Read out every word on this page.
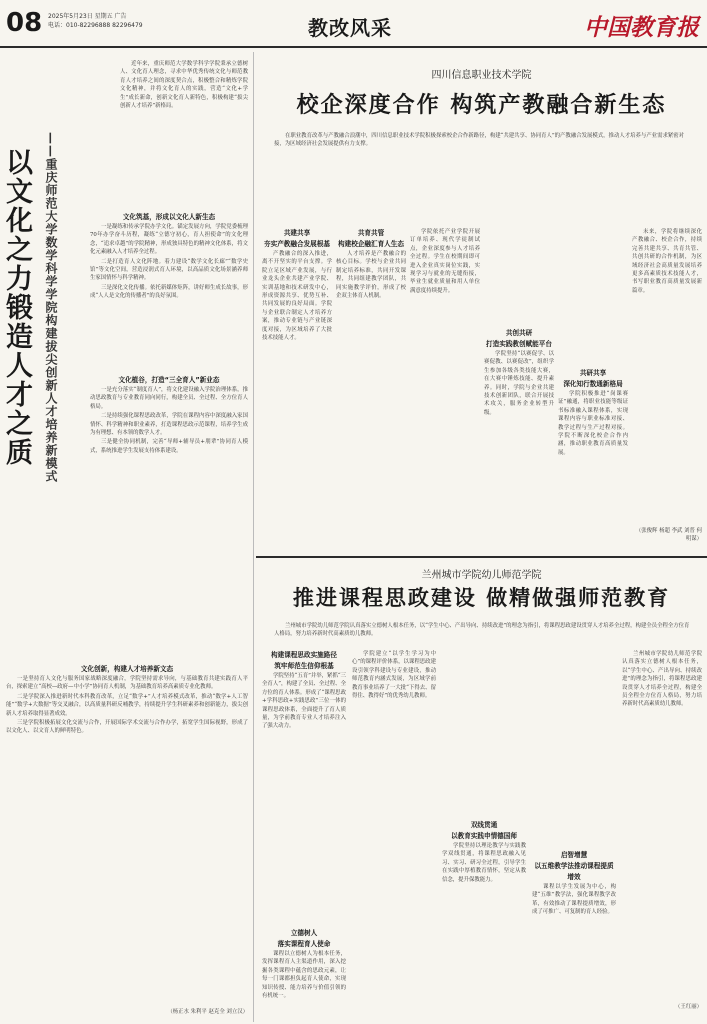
08 2025年5月23日 星期五 广告
电话：010-82296888 82296479	教改风采	中国教育报
以文化之力锻造人才之质	——重庆师范大学数学科学学院构建拔尖创新人才培养新模式

近年来，重庆师范大学数学科学学院秉承立德树人、文化育人理念，寻求中华优秀传统文化与师范教育人才培养之间的深度契合点，积极整合和精炼学院文化精神，并将文化育人的实践，营造“文化+学生”成长新命，创新文化育人新特色，积极构建“拔尖创新人才培养”新格局。

文化筑基，形成以文化人新生态

一是凝练和传承学院办学文化。锚定发展方向，学院党委梳理70年办学奋斗历程，凝练“立德守初心，育人担使命”的文化理念，“追求卓越”的学院精神，形成独具特色的精神文化体系，将文化元素融入人才培养全过程。

二是打造育人文化阵地。着力建设“数学文化长廊”“数学史馆”等文化空间，营造浸润式育人环境，以高品质文化场景涵养师生家国情怀与科学精神。

三是深化文化传播。依托新媒体矩阵，讲好师生成长故事，形成“人人是文化的传播者”的良好氛围。

文化植谷，打造“三全育人”新业态

一是充分落实“制度育人”，将文化建设融入学院治理体系，推动思政教育与专业教育同向同行，构建全员、全过程、全方位育人格局。

二是持续强化课程思政改革，学院在课程内容中深度融入家国情怀、科学精神和职业素养，打造课程思政示范课程，培养学生成为有理想、有本领的数学人才。

三是健全协同机制，完善“导师+辅导员+朋辈”协同育人模式，系统推进学生发展支持体系建设。

文化创新，构建人才培养新文态

一是坚持育人文化与服务国家战略深度融合，学院坚持需求导向，与基础教育共建实践育人平台，探索建立“高校—政府—中小学”协同育人机制，为基础教育培养高素质专业化教师。

二是学院深入推进新时代本科教育改革，立足“数学+”人才培养模式改革，推动“数学+人工智能”“数学+大数据”等交叉融合，以高质量科研反哺教学，持续提升学生科研素养和创新能力，拔尖创新人才培养取得显著成效。

三是学院积极拓展文化交流与合作，开展国际学术交流与合作办学，拓宽学生国际视野，形成了以文化人、以文育人的鲜明特色。

（杨正水 朱利平 赵克全 刘立汉）
四川信息职业技术学院
校企深度合作 构筑产教融合新生态
在职业教育改革与产教融合浪潮中，四川信息职业技术学院积极探索校企合作新路径，构建“共建共享、协同育人”的产教融合发展模式，推动人才培养与产业需求紧密对接，为区域经济社会发展提供有力支撑。
共建共享
夯实产教融合发展根基
产教融合的深入推进，离不开坚实的平台支撑。学院立足区域产业发展，与行业龙头企业共建产业学院、实训基地和技术研发中心，形成资源共享、优势互补、共同发展的良好局面。学院与企业联合制定人才培养方案，推动专业链与产业链深度对接，为区域培养了大批技术技能人才。
共育共管
构建校企融汇育人生态
人才培养是产教融合的核心目标。学校与企业共同制定培养标准，共同开发课程，共同组建教学团队，共同实施教学评价，形成了校企双主体育人机制。
学院依托产业学院开展订单培养、现代学徒制试点，企业深度参与人才培养全过程。学生在校期间即可进入企业真实岗位实践，实现学习与就业的无缝衔接，毕业生就业质量和用人单位满意度持续提升。
共创共研
打造实践教创赋能平台
学院坚持“以赛促学、以赛促教、以赛促改”，组织学生参加各级各类技能大赛，在大赛中锤炼技能、提升素养。同时，学院与企业共建技术创新团队，联合开展技术攻关，服务企业转型升级。
共研共享
深化知行数通新格局
学院积极推进“岗课赛证”融通，将职业技能等级证书标准融入课程体系，实现课程内容与职业标准对接、教学过程与生产过程对接。学院不断深化校企合作内涵，推动职业教育高质量发展。
未来，学院将继续深化产教融合、校企合作，持续完善共建共享、共育共管、共创共研的合作机制，为区域经济社会高质量发展培养更多高素质技术技能人才，书写职业教育高质量发展新篇章。
（张俊辉 杨超 李武 刘普 何明谋）
兰州城市学院幼儿师范学院
推进课程思政建设 做精做强师范教育
兰州城市学院幼儿师范学院认真落实立德树人根本任务，以“学生中心、产出导向、持续改进”的理念为指引，将课程思政建设贯穿人才培养全过程，构建全员全程全方位育人格局，努力培养新时代高素质幼儿教师。
构建课程思政实施路径
筑牢师范生信仰根基
学院坚持“五育”并举，紧抓“三全育人”，构建了全员、全过程、全方位的育人体系。形成了“课程思政+学科思政+实践思政”三位一体的课程思政体系，全面提升了育人质量，为学前教育专业人才培养注入了强大动力。
立德树人
落实课程育人使命
课程以立德树人为根本任务，发挥课程育人主渠道作用，深入挖掘各类课程中蕴含的思政元素，让每一门课都担负起育人使命，实现知识传授、能力培养与价值引领的有机统一。
学院建立“以学生学习为中心”的课程评价体系，以课程思政建设引领学科建设与专业建设，推动师范教育内涵式发展，为区域学前教育事业培养了一大批“下得去、留得住、教得好”的优秀幼儿教师。
双线贯通
以教育实践申情德国师
学院坚持以理论教学与实践教学双线贯通，将课程思政融入见习、实习、研习全过程，引导学生在实践中厚植教育情怀，坚定从教信念，提升保教能力。
启智增慧
以五维教学法推动课程提质增效
课程以学生发展为中心，构建“五维”教学法，强化课程教学改革，有效推动了课程提质增效，形成了可推广、可复制的育人经验。
兰州城市学院幼儿师范学院认真落实立德树人根本任务，以“学生中心、产出导向、持续改进”的理念为指引，将课程思政建设贯穿人才培养全过程，构建全员全程全方位育人格局，努力培养新时代高素质幼儿教师。
（王红丽）
